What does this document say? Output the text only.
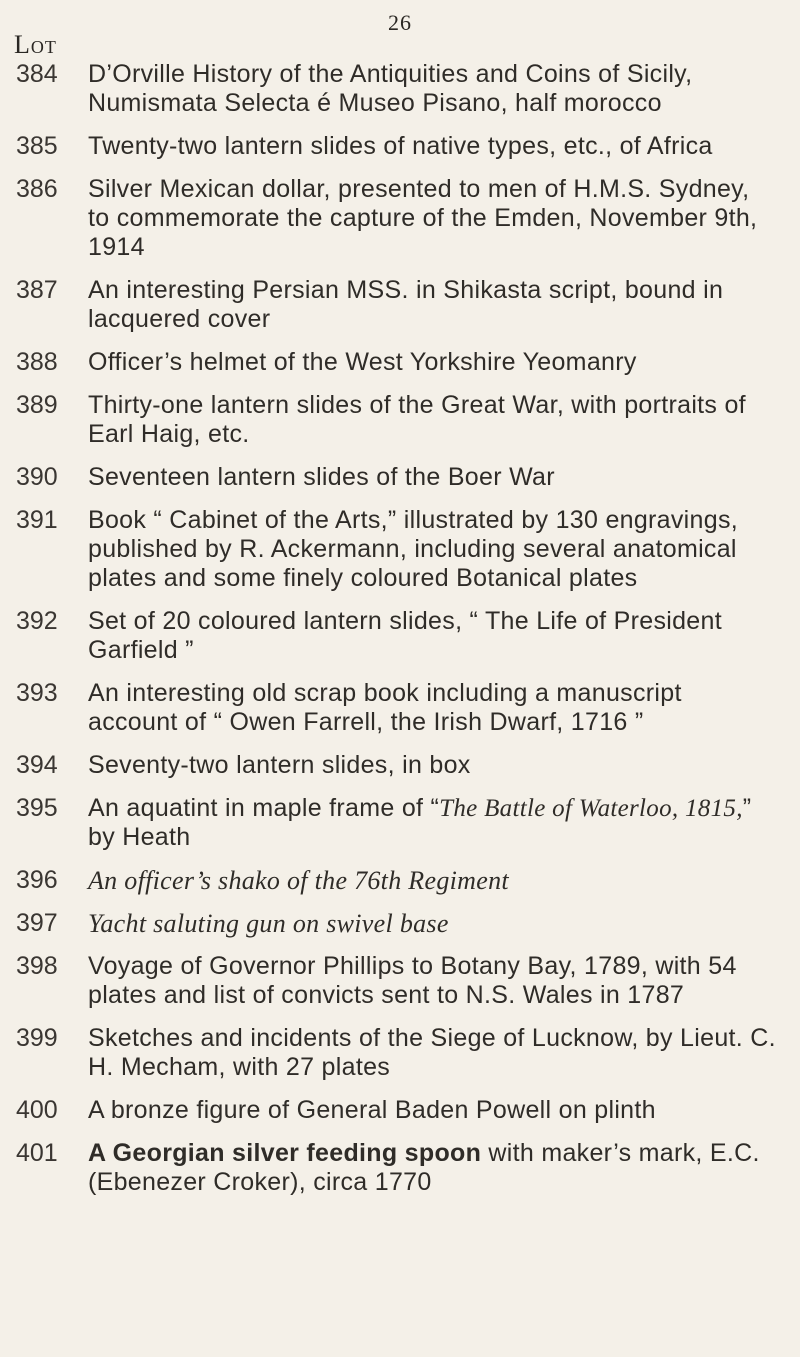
26
Lot
384	D’Orville History of the Antiquities and Coins of Sicily, Numismata Selecta é Museo Pisano, half morocco
385	Twenty-two lantern slides of native types, etc., of Africa
386	Silver Mexican dollar, presented to men of H.M.S. Sydney, to commemorate the capture of the Emden, November 9th, 1914
387	An interesting Persian MSS. in Shikasta script, bound in lacquered cover
388	Officer’s helmet of the West Yorkshire Yeomanry
389	Thirty-one lantern slides of the Great War, with portraits of Earl Haig, etc.
390	Seventeen lantern slides of the Boer War
391	Book “ Cabinet of the Arts,” illustrated by 130 engravings, published by R. Ackermann, including several anatomical plates and some finely coloured Botanical plates
392	Set of 20 coloured lantern slides, “ The Life of President Garfield ”
393	An interesting old scrap book including a manuscript account of “ Owen Farrell, the Irish Dwarf, 1716 ”
394	Seventy-two lantern slides, in box
395	An aquatint in maple frame of “The Battle of Waterloo, 1815,” by Heath
396	An officer’s shako of the 76th Regiment
397	Yacht saluting gun on swivel base
398	Voyage of Governor Phillips to Botany Bay, 1789, with 54 plates and list of convicts sent to N.S. Wales in 1787
399	Sketches and incidents of the Siege of Lucknow, by Lieut. C. H. Mecham, with 27 plates
400	A bronze figure of General Baden Powell on plinth
401	A Georgian silver feeding spoon with maker’s mark, E.C. (Ebenezer Croker), circa 1770
